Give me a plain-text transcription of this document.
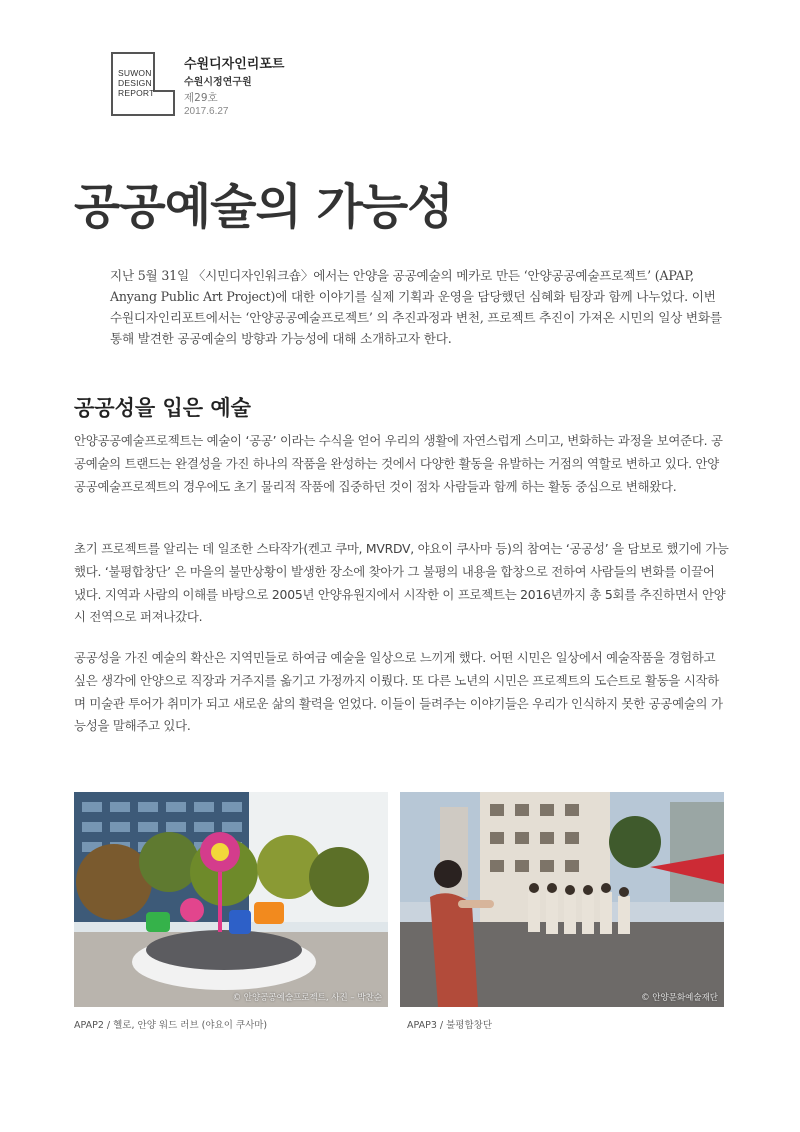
SUWON
DESIGN
REPORT
수원디자인리포트
수원시정연구원
제29호
2017.6.27
공공예술의 가능성

지난 5월 31일 〈시민디자인워크숍〉에서는 안양을 공공예술의 메카로 만든 ‘안양공공예술프로젝트’ (APAP, Anyang Public Art Project)에 대한 이야기를 실제 기획과 운영을 담당했던 심혜화 팀장과 함께 나누었다. 이번 수원디자인리포트에서는 ‘안양공공예술프로젝트’ 의 추진과정과 변천, 프로젝트 추진이 가져온 시민의 일상 변화를 통해 발견한 공공예술의 방향과 가능성에 대해 소개하고자 한다.

공공성을 입은 예술

안양공공예술프로젝트는 예술이 ‘공공’ 이라는 수식을 얻어 우리의 생활에 자연스럽게 스미고, 변화하는 과정을 보여준다. 공공예술의 트랜드는 완결성을 가진 하나의 작품을 완성하는 것에서 다양한 활동을 유발하는 거점의 역할로 변하고 있다. 안양공공예술프로젝트의 경우에도 초기 물리적 작품에 집중하던 것이 점차 사람들과 함께 하는 활동 중심으로 변해왔다.

초기 프로젝트를 알리는 데 일조한 스타작가(켄고 쿠마, MVRDV, 야요이 쿠사마 등)의 참여는 ‘공공성’ 을 담보로 했기에 가능했다. ‘불평합창단’ 은 마을의 불만상황이 발생한 장소에 찾아가 그 불평의 내용을 합창으로 전하여 사람들의 변화를 이끌어 냈다. 지역과 사람의 이해를 바탕으로 2005년 안양유원지에서 시작한 이 프로젝트는 2016년까지 총 5회를 추진하면서 안양시 전역으로 퍼져나갔다.

공공성을 가진 예술의 확산은 지역민들로 하여금 예술을 일상으로 느끼게 했다. 어떤 시민은 일상에서 예술작품을 경험하고 싶은 생각에 안양으로 직장과 거주지를 옮기고 가정까지 이뤘다. 또 다른 노년의 시민은 프로젝트의 도슨트로 활동을 시작하며 미술관 투어가 취미가 되고 새로운 삶의 활력을 얻었다. 이들이 들려주는 이야기들은 우리가 인식하지 못한 공공예술의 가능성을 말해주고 있다.

© 안양공공예술프로젝트, 사진 – 박찬순
APAP2 / 헬로, 안양 워드 러브 (야요이 쿠사마)
© 안양문화예술재단
APAP3 / 불평합창단
